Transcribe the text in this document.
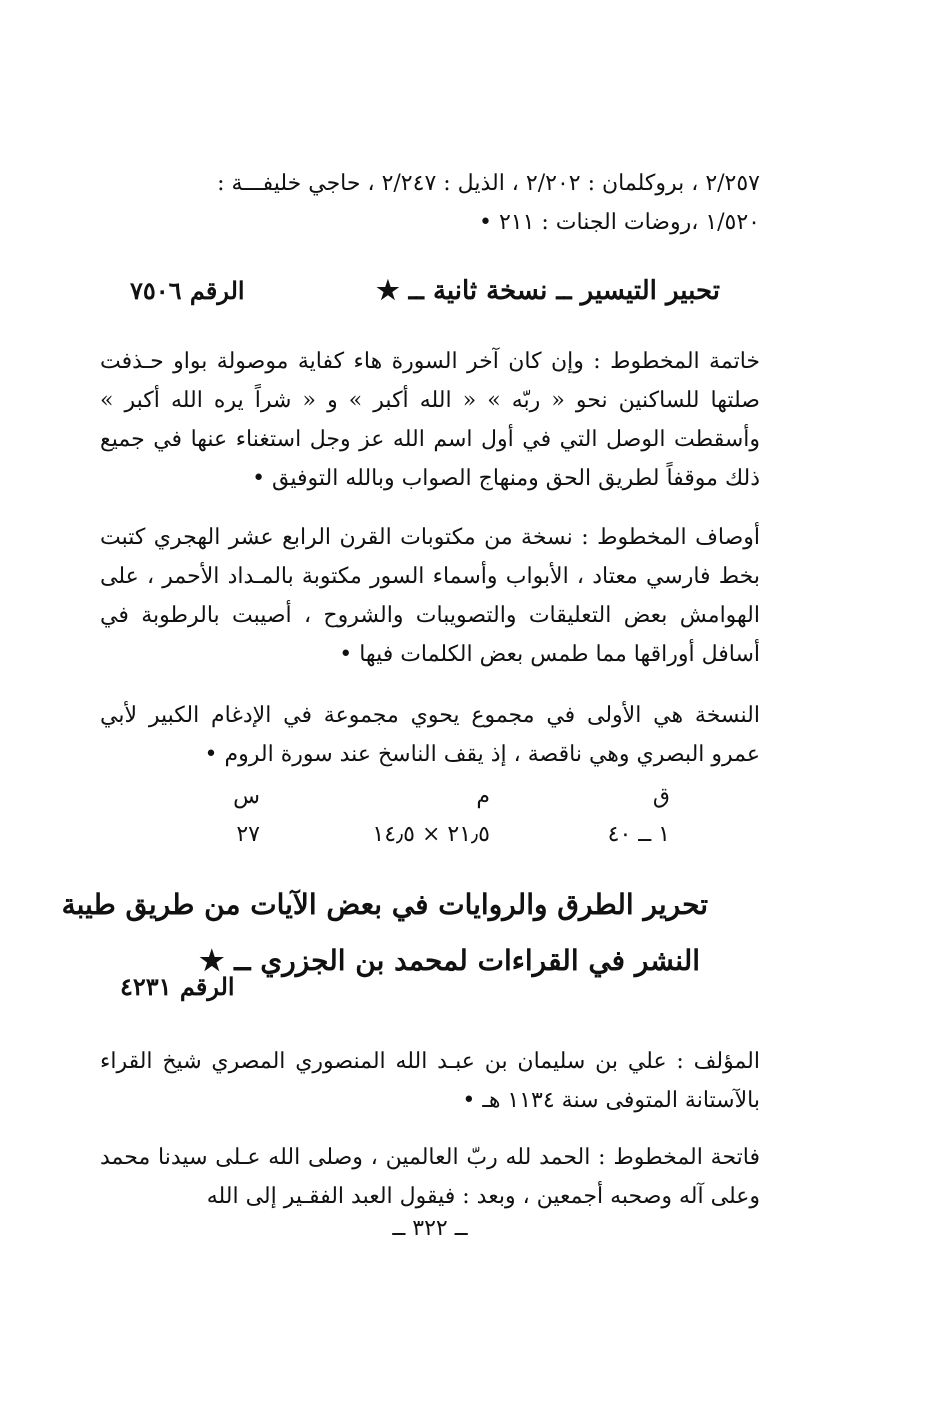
٢/٢٥٧ ، بروكلمان : ٢/٢٠٢ ، الذيل : ٢/٢٤٧ ، حاجي خليفـــة :

١/٥٢٠ ،روضات الجنات : ٢١١ •

تحبير التيسير ــ نسخة ثانية ــ ★
الرقم ٧٥٠٦

خاتمة المخطوط : وإن كان آخر السورة هاء كفاية موصولة بواو حـذفت صلتها للساكنين نحو « ربّه » « الله أكبر » و « شراً يره الله أكبر » وأسقطت الوصل التي في أول اسم الله عز وجل استغناء عنها في جميع ذلك موقفاً لطريق الحق ومنهاج الصواب وبالله التوفيق •

أوصاف المخطوط : نسخة من مكتوبات القرن الرابع عشر الهجري كتبت بخط فارسي معتاد ، الأبواب وأسماء السور مكتوبة بالمـداد الأحمر ، على الهوامش بعض التعليقات والتصويبات والشروح ، أصيبت بالرطوبة في أسافل أوراقها مما طمس بعض الكلمات فيها •

النسخة هي الأولى في مجموع يحوي مجموعة في الإدغام الكبير لأبي عمرو البصري وهي ناقصة ، إذ يقف الناسخ عند سورة الروم •

ق
م
س
١ ــ ٤٠
٢١٫٥ × ١٤٫٥
٢٧
تحرير الطرق والروايات في بعض الآيات من طريق طيبة
النشر في القراءات لمحمد بن الجزري ــ ★
الرقم ٤٢٣١

المؤلف : علي بن سليمان بن عبـد الله المنصوري المصري شيخ القراء بالآستانة المتوفى سنة ١١٣٤ هـ •

فاتحة المخطوط : الحمد لله ربّ العالمين ، وصلى الله عـلى سيدنا محمد وعلى آله وصحبه أجمعين ، وبعد : فيقول العبد الفقـير إلى الله

ــ ٣٢٢ ــ
